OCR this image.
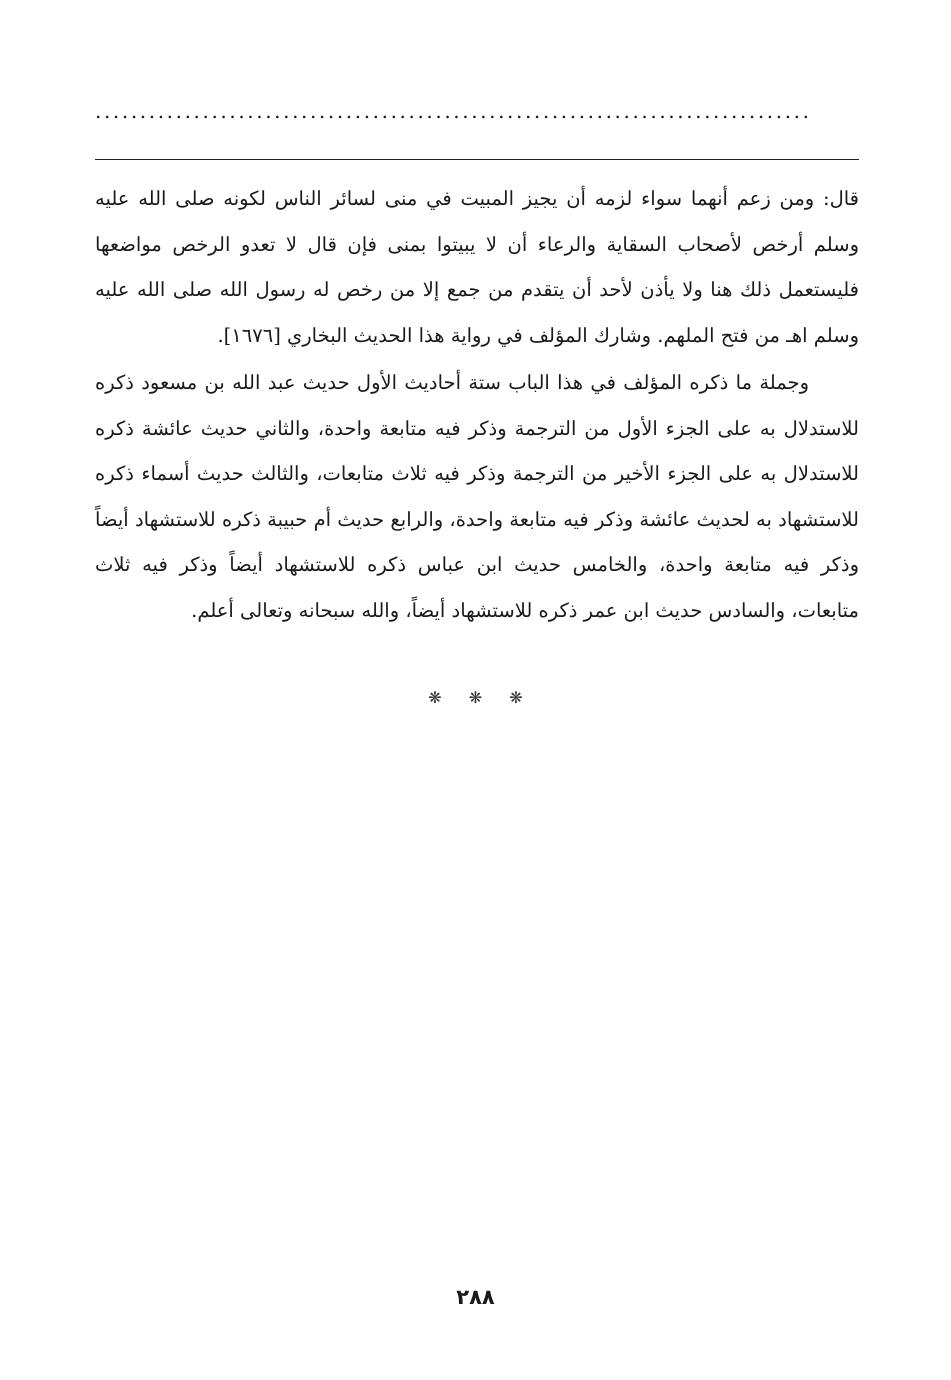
................................................................................

قال: ومن زعم أنهما سواء لزمه أن يجيز المبيت في منى لسائر الناس لكونه صلى الله عليه وسلم أرخص لأصحاب السقاية والرعاء أن لا يبيتوا بمنى فإن قال لا تعدو الرخص مواضعها فليستعمل ذلك هنا ولا يأذن لأحد أن يتقدم من جمع إلا من رخص له رسول الله صلى الله عليه وسلم اهـ من فتح الملهم. وشارك المؤلف في رواية هذا الحديث البخاري [١٦٧٦].

وجملة ما ذكره المؤلف في هذا الباب ستة أحاديث الأول حديث عبد الله بن مسعود ذكره للاستدلال به على الجزء الأول من الترجمة وذكر فيه متابعة واحدة، والثاني حديث عائشة ذكره للاستدلال به على الجزء الأخير من الترجمة وذكر فيه ثلاث متابعات، والثالث حديث أسماء ذكره للاستشهاد به لحديث عائشة وذكر فيه متابعة واحدة، والرابع حديث أم حبيبة ذكره للاستشهاد أيضاً وذكر فيه متابعة واحدة، والخامس حديث ابن عباس ذكره للاستشهاد أيضاً وذكر فيه ثلاث متابعات، والسادس حديث ابن عمر ذكره للاستشهاد أيضاً، والله سبحانه وتعالى أعلم.

❋ ❋ ❋
٢٨٨
